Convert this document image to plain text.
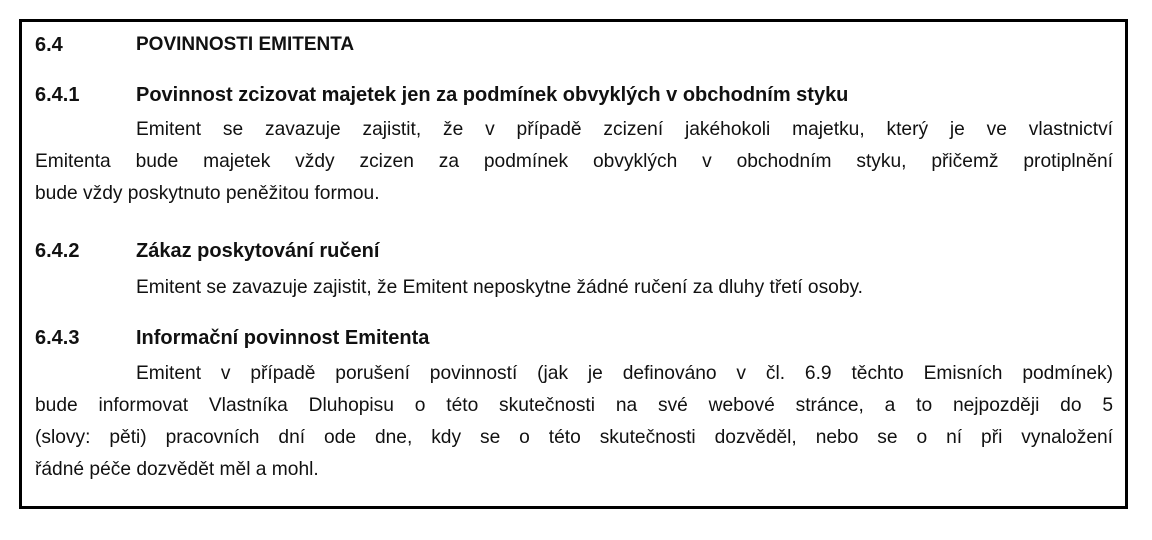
6.4	POVINNOSTI EMITENTA
6.4.1	Povinnost zcizovat majetek jen za podmínek obvyklých v obchodním styku
Emitent se zavazuje zajistit, že v případě zcizení jakéhokoli majetku, který je ve vlastnictví
Emitenta bude majetek vždy zcizen za podmínek obvyklých v obchodním styku, přičemž protiplnění
bude vždy poskytnuto peněžitou formou.
6.4.2	Zákaz poskytování ručení
Emitent se zavazuje zajistit, že Emitent neposkytne žádné ručení za dluhy třetí osoby.
6.4.3	Informační povinnost Emitenta
Emitent v případě porušení povinností (jak je definováno v čl. 6.9 těchto Emisních podmínek)
bude informovat Vlastníka Dluhopisu o této skutečnosti na své webové stránce, a to nejpozději do 5
(slovy: pěti) pracovních dní ode dne, kdy se o této skutečnosti dozvěděl, nebo se o ní při vynaložení
řádné péče dozvědět měl a mohl.
